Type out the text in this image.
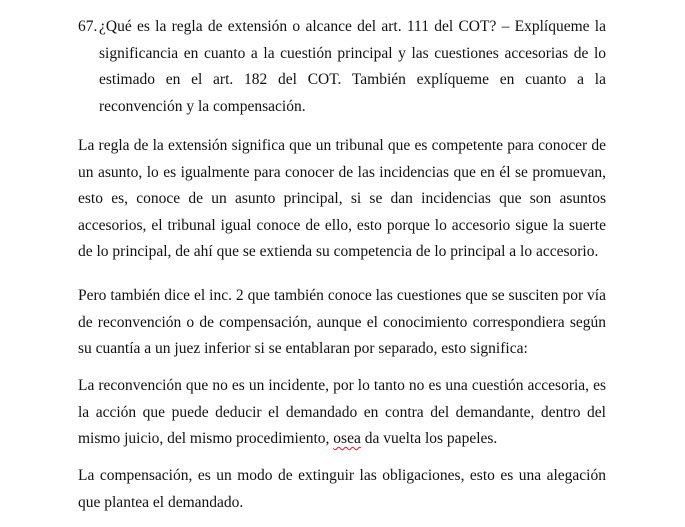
67. ¿Qué es la regla de extensión o alcance del art. 111 del COT? – Explíqueme la significancia en cuanto a la cuestión principal y las cuestiones accesorias de lo estimado en el art. 182 del COT. También explíqueme en cuanto a la reconvención y la compensación.

La regla de la extensión significa que un tribunal que es competente para conocer de un asunto, lo es igualmente para conocer de las incidencias que en él se promuevan, esto es, conoce de un asunto principal, si se dan incidencias que son asuntos accesorios, el tribunal igual conoce de ello, esto porque lo accesorio sigue la suerte de lo principal, de ahí que se extienda su competencia de lo principal a lo accesorio.

Pero también dice el inc. 2 que también conoce las cuestiones que se susciten por vía de reconvención o de compensación, aunque el conocimiento correspondiera según su cuantía a un juez inferior si se entablaran por separado, esto significa:

La reconvención que no es un incidente, por lo tanto no es una cuestión accesoria, es la acción que puede deducir el demandado en contra del demandante, dentro del mismo juicio, del mismo procedimiento, osea da vuelta los papeles.

La compensación, es un modo de extinguir las obligaciones, esto es una alegación que plantea el demandado.
